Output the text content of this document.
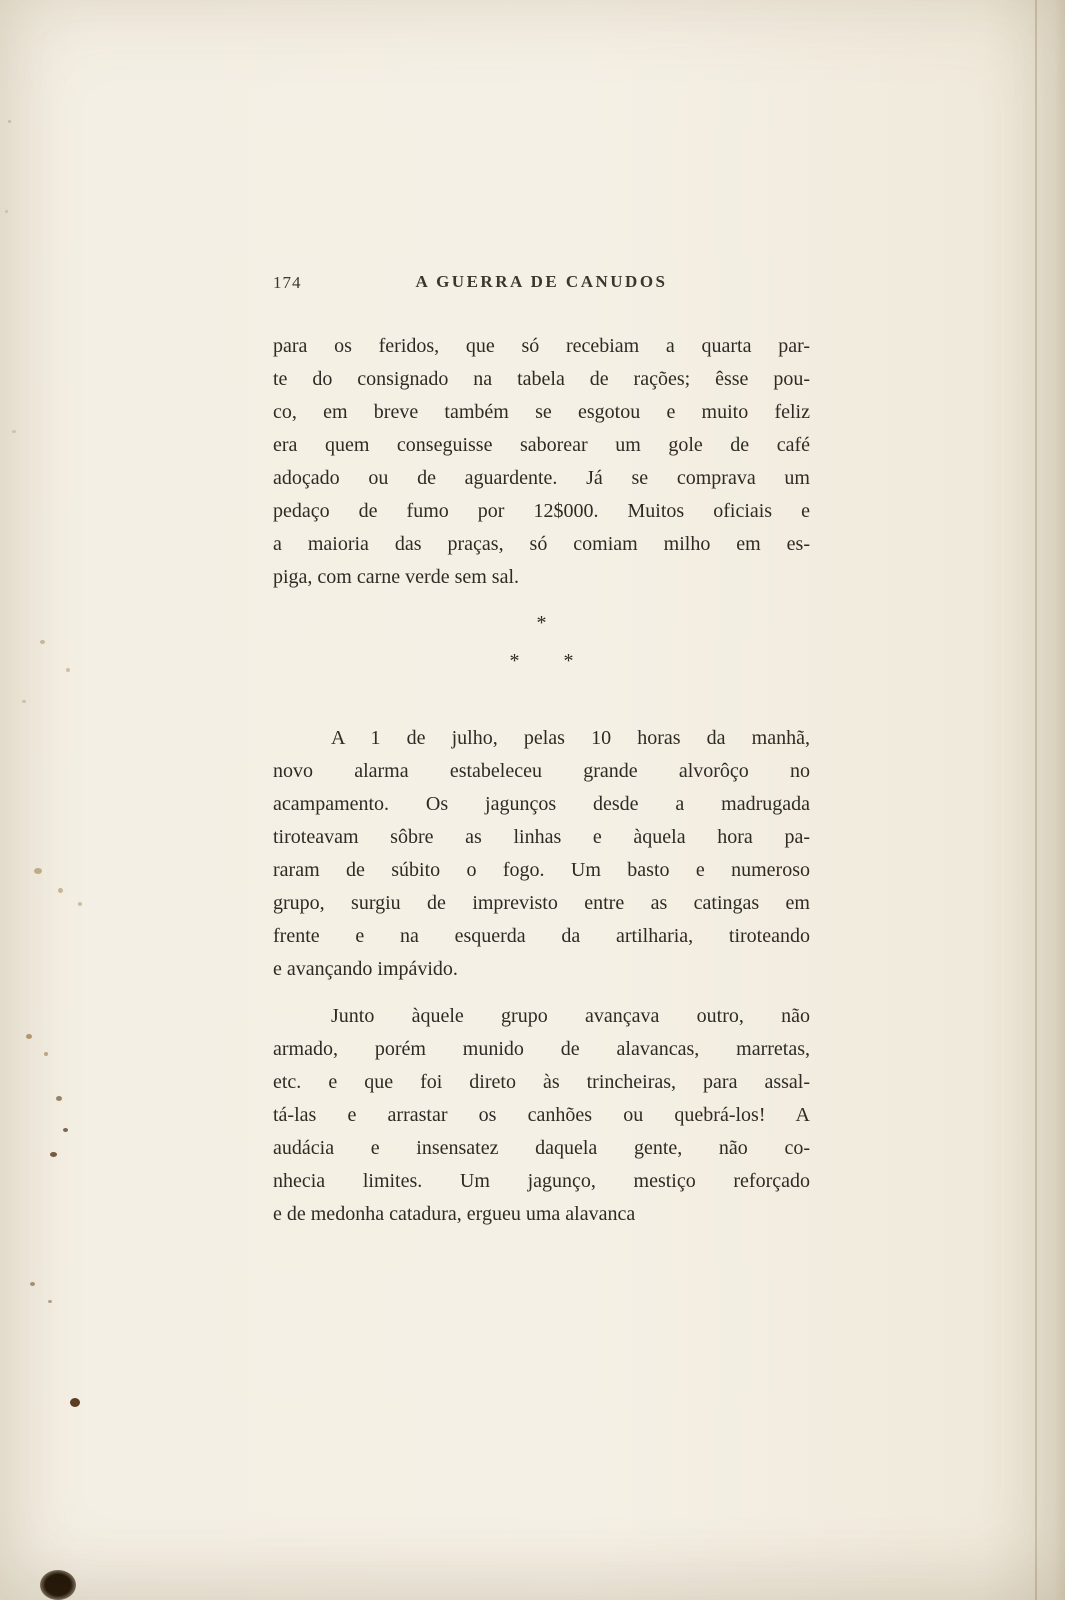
174	A GUERRA DE CANUDOS
para os feridos, que só recebiam a quarta par-
te do consignado na tabela de rações; êsse pou-
co, em breve também se esgotou e muito feliz
era quem conseguisse saborear um gole de café
adoçado ou de aguardente. Já se comprava um
pedaço de fumo por 12$000. Muitos oficiais e
a maioria das praças, só comiam milho em es-
piga, com carne verde sem sal.
*
* *
A 1 de julho, pelas 10 horas da manhã,
novo alarma estabeleceu grande alvorôço no
acampamento. Os jagunços desde a madrugada
tiroteavam sôbre as linhas e àquela hora pa-
raram de súbito o fogo. Um basto e numeroso
grupo, surgiu de imprevisto entre as catingas em
frente e na esquerda da artilharia, tiroteando
e avançando impávido.
Junto àquele grupo avançava outro, não
armado, porém munido de alavancas, marretas,
etc. e que foi direto às trincheiras, para assal-
tá-las e arrastar os canhões ou quebrá-los! A
audácia e insensatez daquela gente, não co-
nhecia limites. Um jagunço, mestiço reforçado
e de medonha catadura, ergueu uma alavanca
